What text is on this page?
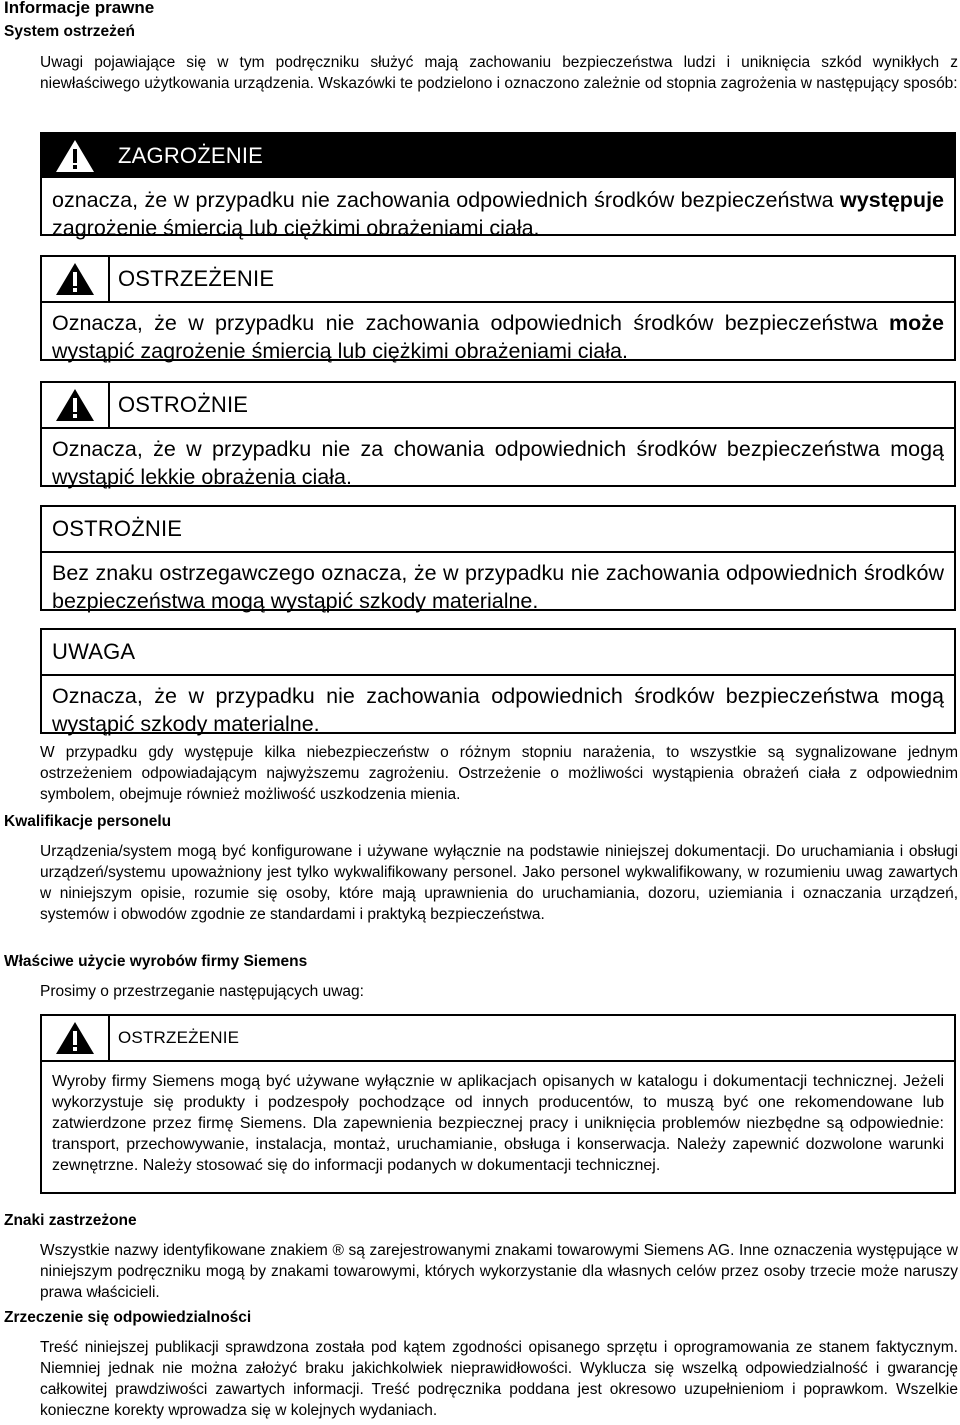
Informacje prawne
System ostrzeżeń

Uwagi pojawiające się w tym podręczniku służyć mają zachowaniu bezpieczeństwa ludzi i uniknięcia szkód wynikłych z niewłaściwego użytkowania urządzenia. Wskazówki te podzielono i oznaczono zależnie od stopnia zagrożenia w następujący sposób:

ZAGROŻENIE
oznacza, że w przypadku nie zachowania odpowiednich środków bezpieczeństwa występuje zagrożenie śmiercią lub ciężkimi obrażeniami ciała.
OSTRZEŻENIE
Oznacza, że w przypadku nie zachowania odpowiednich środków bezpieczeństwa może wystąpić zagrożenie śmiercią lub ciężkimi obrażeniami ciała.
OSTROŻNIE
Oznacza, że w przypadku nie za chowania odpowiednich środków bezpieczeństwa mogą wystąpić lekkie obrażenia ciała.
OSTROŻNIE
Bez znaku ostrzegawczego oznacza, że w przypadku nie zachowania odpowiednich środków bezpieczeństwa mogą wystąpić szkody materialne.
UWAGA
Oznacza, że w przypadku nie zachowania odpowiednich środków bezpieczeństwa mogą wystąpić szkody materialne.

W przypadku gdy występuje kilka niebezpieczeństw o różnym stopniu narażenia, to wszystkie są sygnalizowane jednym ostrzeżeniem odpowiadającym najwyższemu zagrożeniu. Ostrzeżenie o możliwości wystąpienia obrażeń ciała z odpowiednim symbolem, obejmuje również możliwość uszkodzenia mienia.

Kwalifikacje personelu

Urządzenia/system mogą być konfigurowane i używane wyłącznie na podstawie niniejszej dokumentacji. Do uruchamiania i obsługi urządzeń/systemu upoważniony jest tylko wykwalifikowany personel. Jako personel wykwalifikowany, w rozumieniu uwag zawartych w niniejszym opisie, rozumie się osoby, które mają uprawnienia do uruchamiania, dozoru, uziemiania i oznaczania urządzeń, systemów i obwodów zgodnie ze standardami i praktyką bezpieczeństwa.

Właściwe użycie wyrobów firmy Siemens

Prosimy o przestrzeganie następujących uwag:

OSTRZEŻENIE
Wyroby firmy Siemens mogą być używane wyłącznie w aplikacjach opisanych w katalogu i dokumentacji technicznej. Jeżeli wykorzystuje się produkty i podzespoły pochodzące od innych producentów, to muszą być one rekomendowane lub zatwierdzone przez firmę Siemens. Dla zapewnienia bezpiecznej pracy i uniknięcia problemów niezbędne są odpowiednie: transport, przechowywanie, instalacja, montaż, uruchamianie, obsługa i konserwacja. Należy zapewnić dozwolone warunki zewnętrzne. Należy stosować się do informacji podanych w dokumentacji technicznej.
Znaki zastrzeżone

Wszystkie nazwy identyfikowane znakiem ® są zarejestrowanymi znakami towarowymi Siemens AG. Inne oznaczenia występujące w niniejszym podręczniku mogą by znakami towarowymi, których wykorzystanie dla własnych celów przez osoby trzecie może naruszy prawa właścicieli.

Zrzeczenie się odpowiedzialności

Treść niniejszej publikacji sprawdzona została pod kątem zgodności opisanego sprzętu i oprogramowania ze stanem faktycznym. Niemniej jednak nie można założyć braku jakichkolwiek nieprawidłowości. Wyklucza się wszelką odpowiedzialność i gwarancję całkowitej prawdziwości zawartych informacji. Treść podręcznika poddana jest okresowo uzupełnieniom i poprawkom. Wszelkie konieczne korekty wprowadza się w kolejnych wydaniach.
